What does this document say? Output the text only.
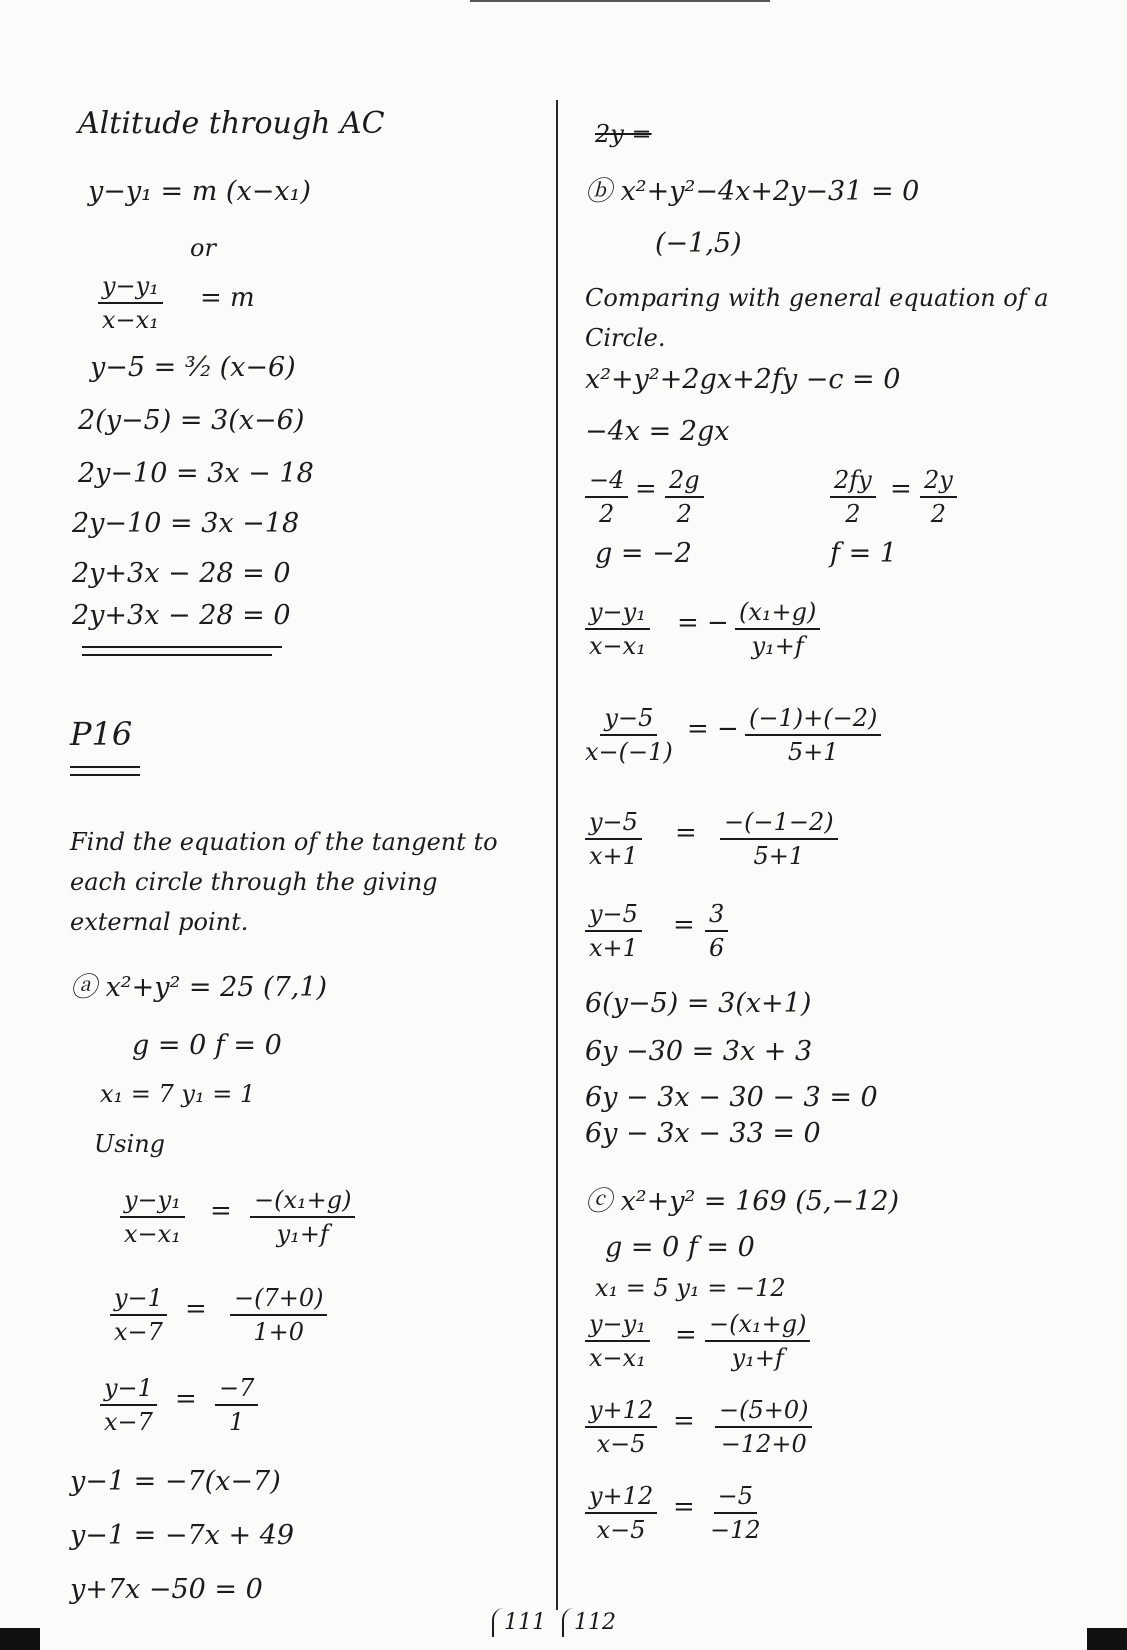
Altitude through AC
y−y₁ = m (x−x₁)
or
$\frac{\text{y−y₁}}{\text{x−x₁}} = m$
y−5 = ³⁄₂ (x−6)
2(y−5) = 3(x−6)
2y−10 = 3x − 18
2y−10 = 3x −18
2y+3x − 28 = 0
2y+3x − 28 = 0
P16
Find the equation of the tangent to
each circle through the giving
external point.
ⓐ x²+y² = 25 (7,1)
g = 0 f = 0
x₁ = 7 y₁ = 1
Using
$\frac{\text{y−y₁}}{\text{x−x₁}} = \frac{\text{−(x₁+g)}}{\text{y₁+f}}$
$\frac{y-1}{x-7} = \frac{-(7+0)}{1+0}$
$\frac{y-1}{x-7} = \frac{-7}{1}$
y−1 = −7(x−7)
y−1 = −7x + 49
y+7x −50 = 0
2y =
ⓑ x²+y²−4x+2y−31 = 0
(−1,5)
Comparing with general equation of a
Circle.
x²+y²+2gx+2fy −c = 0
−4x = 2gx
$\frac{-4}{2} = \frac{2g}{2}$	$\frac{2fy}{2} = \frac{2y}{2}$
g = −2	f = 1
$\frac{\text{y−y₁}}{\text{x−x₁}}$ = − $\frac{\text{(x₁+g)}}{\text{y₁+f}}$
$\frac{y-5}{x-(-1)}$ = − $\frac{(-1)+(-2)}{5+1}$
$\frac{y-5}{x+1} = \frac{-(-1-2)}{5+1}$
$\frac{y-5}{x+1} = \frac{3}{6}$
6(y−5) = 3(x+1)
6y −30 = 3x + 3
6y − 3x − 30 − 3 = 0
6y − 3x − 33 = 0
ⓒ x²+y² = 169 (5,−12)
g = 0 f = 0
x₁ = 5 y₁ = −12
$\frac{\text{y−y₁}}{\text{x−x₁}} = \frac{\text{−(x₁+g)}}{\text{y₁+f}}$
$\frac{y+12}{x-5} = \frac{-(5+0)}{-12+0}$
$\frac{y+12}{x-5} = \frac{-5}{-12}$
111	112
